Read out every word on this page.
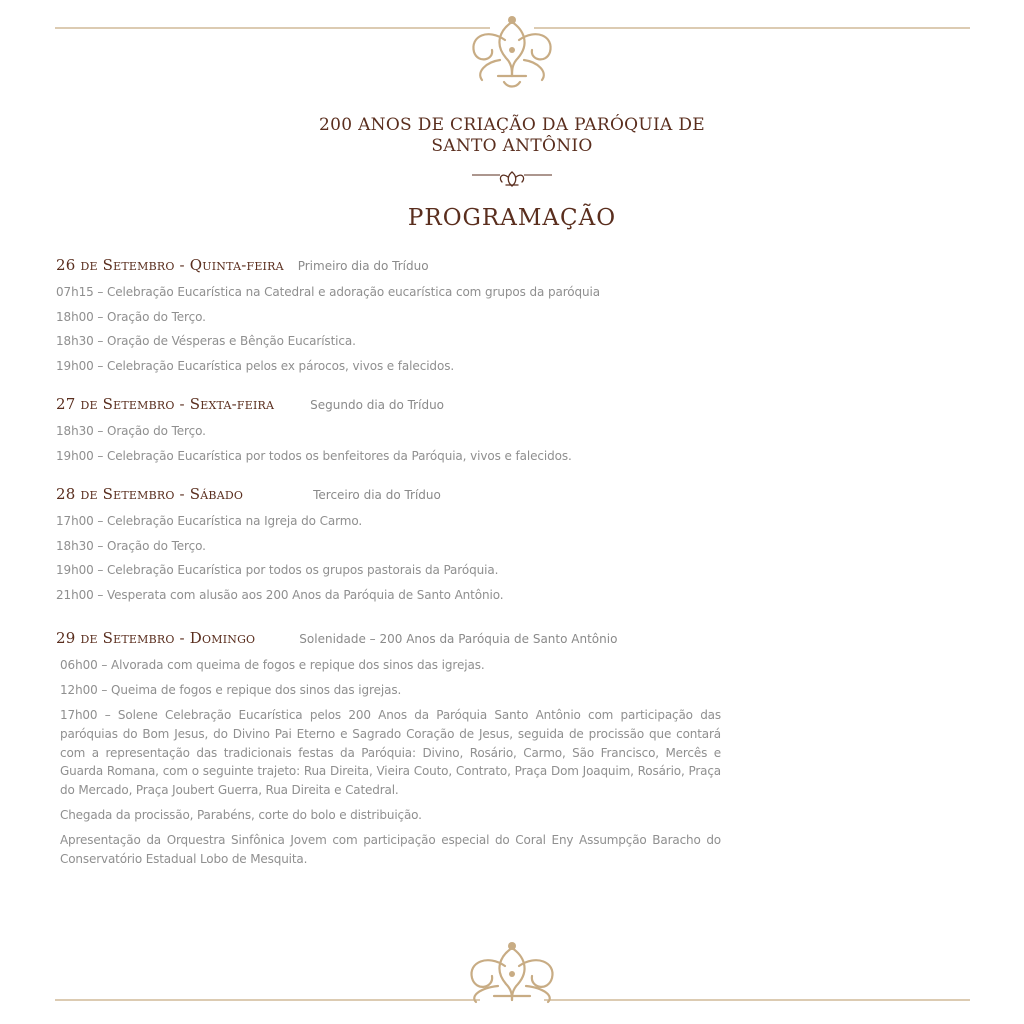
200 ANOS DE CRIAÇÃO DA PARÓQUIA DE
SANTO ANTÔNIO
PROGRAMAÇÃO
26 de Setembro - Quinta-feira Primeiro dia do Tríduo
07h15 – Celebração Eucarística na Catedral e adoração eucarística com grupos da paróquia
18h00 – Oração do Terço.
18h30 – Oração de Vésperas e Bênção Eucarística.
19h00 – Celebração Eucarística pelos ex párocos, vivos e falecidos.
27 de Setembro - Sexta-feira	Segundo dia do Tríduo
18h30 – Oração do Terço.
19h00 – Celebração Eucarística por todos os benfeitores da Paróquia, vivos e falecidos.
28 de Setembro - Sábado	Terceiro dia do Tríduo
17h00 – Celebração Eucarística na Igreja do Carmo.
18h30 – Oração do Terço.
19h00 – Celebração Eucarística por todos os grupos pastorais da Paróquia.
21h00 – Vesperata com alusão aos 200 Anos da Paróquia de Santo Antônio.
29 de Setembro - Domingo	Solenidade – 200 Anos da Paróquia de Santo Antônio
06h00 – Alvorada com queima de fogos e repique dos sinos das igrejas.
12h00 – Queima de fogos e repique dos sinos das igrejas.
17h00 – Solene Celebração Eucarística pelos 200 Anos da Paróquia Santo Antônio com participação das paróquias do Bom Jesus, do Divino Pai Eterno e Sagrado Coração de Jesus, seguida de procissão que contará com a representação das tradicionais festas da Paróquia: Divino, Rosário, Carmo, São Francisco, Mercês e Guarda Romana, com o seguinte trajeto: Rua Direita, Vieira Couto, Contrato, Praça Dom Joaquim, Rosário, Praça do Mercado, Praça Joubert Guerra, Rua Direita e Catedral.
Chegada da procissão, Parabéns, corte do bolo e distribuição.
Apresentação da Orquestra Sinfônica Jovem com participação especial do Coral Eny Assumpção Baracho do Conservatório Estadual Lobo de Mesquita.
